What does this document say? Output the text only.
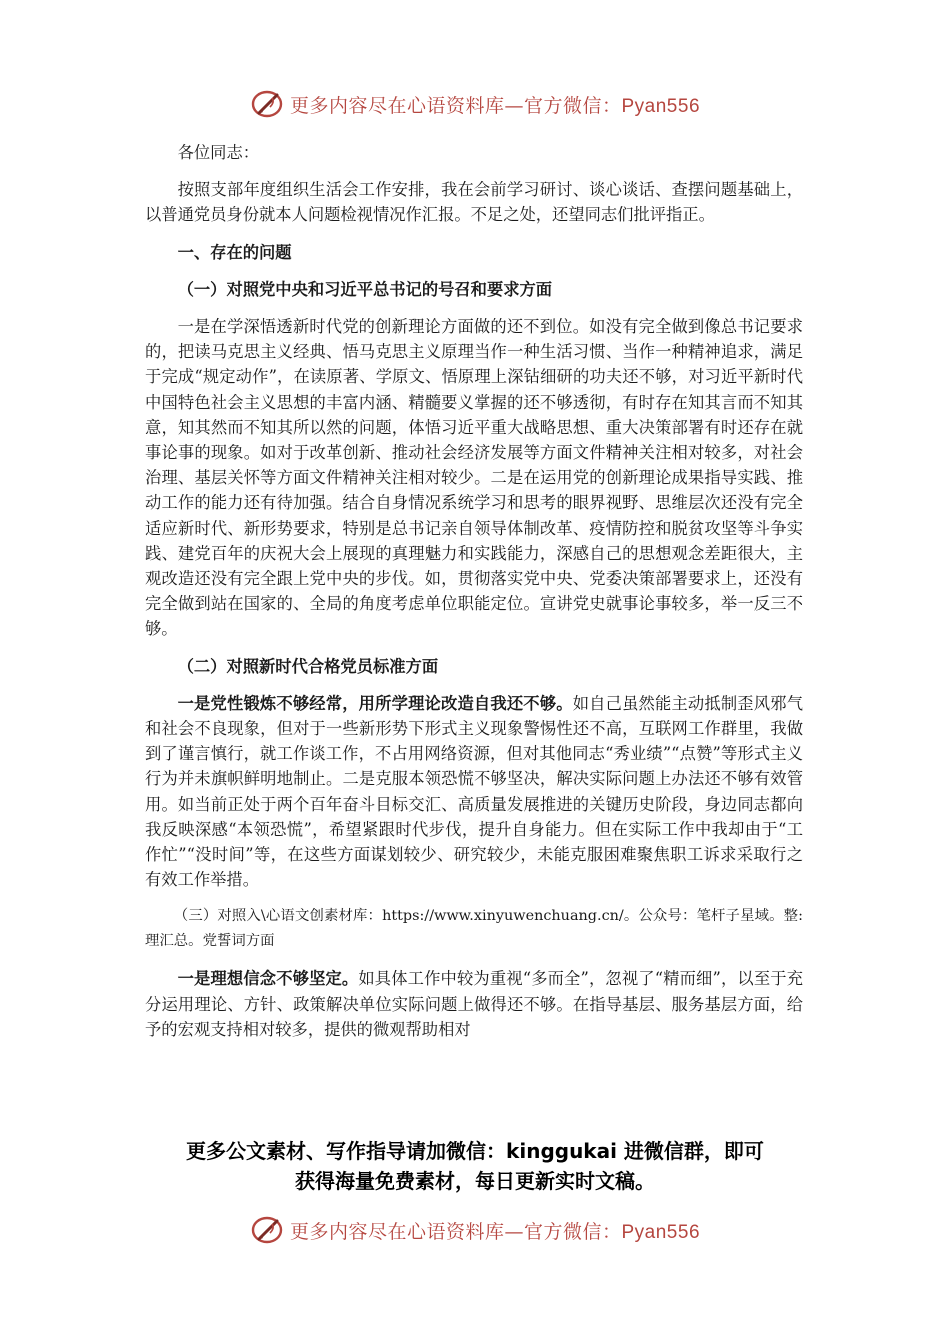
更多内容尽在心语资料库—官方微信：Pyan556

各位同志：

按照支部年度组织生活会工作安排，我在会前学习研讨、谈心谈话、查摆问题基础上，以普通党员身份就本人问题检视情况作汇报。不足之处，还望同志们批评指正。

一、存在的问题

（一）对照党中央和习近平总书记的号召和要求方面

一是在学深悟透新时代党的创新理论方面做的还不到位。如没有完全做到像总书记要求的，把读马克思主义经典、悟马克思主义原理当作一种生活习惯、当作一种精神追求，满足于完成“规定动作”，在读原著、学原文、悟原理上深钻细研的功夫还不够，对习近平新时代中国特色社会主义思想的丰富内涵、精髓要义掌握的还不够透彻，有时存在知其言而不知其意，知其然而不知其所以然的问题，体悟习近平重大战略思想、重大决策部署有时还存在就事论事的现象。如对于改革创新、推动社会经济发展等方面文件精神关注相对较多，对社会治理、基层关怀等方面文件精神关注相对较少。二是在运用党的创新理论成果指导实践、推动工作的能力还有待加强。结合自身情况系统学习和思考的眼界视野、思维层次还没有完全适应新时代、新形势要求，特别是总书记亲自领导体制改革、疫情防控和脱贫攻坚等斗争实践、建党百年的庆祝大会上展现的真理魅力和实践能力，深感自己的思想观念差距很大，主观改造还没有完全跟上党中央的步伐。如，贯彻落实党中央、党委决策部署要求上，还没有完全做到站在国家的、全局的角度考虑单位职能定位。宣讲党史就事论事较多，举一反三不够。

（二）对照新时代合格党员标准方面

一是党性锻炼不够经常，用所学理论改造自我还不够。如自己虽然能主动抵制歪风邪气和社会不良现象，但对于一些新形势下形式主义现象警惕性还不高，互联网工作群里，我做到了谨言慎行，就工作谈工作，不占用网络资源，但对其他同志“秀业绩”“点赞”等形式主义行为并未旗帜鲜明地制止。二是克服本领恐慌不够坚决，解决实际问题上办法还不够有效管用。如当前正处于两个百年奋斗目标交汇、高质量发展推进的关键历史阶段，身边同志都向我反映深感“本领恐慌”，希望紧跟时代步伐，提升自身能力。但在实际工作中我却由于“工作忙”“没时间”等，在这些方面谋划较少、研究较少，未能克服困难聚焦职工诉求采取行之有效工作举措。

（三）对照入\心语文创素材库：https://www.xinyuwenchuang.cn/。公众号：笔杆子星域。整:理汇总。党誓词方面

一是理想信念不够坚定。如具体工作中较为重视“多而全”，忽视了“精而细”，以至于充分运用理论、方针、政策解决单位实际问题上做得还不够。在指导基层、服务基层方面，给予的宏观支持相对较多，提供的微观帮助相对

更多公文素材、写作指导请加微信：kinggukai 进微信群，即可
获得海量免费素材，每日更新实时文稿。
更多内容尽在心语资料库—官方微信：Pyan556
